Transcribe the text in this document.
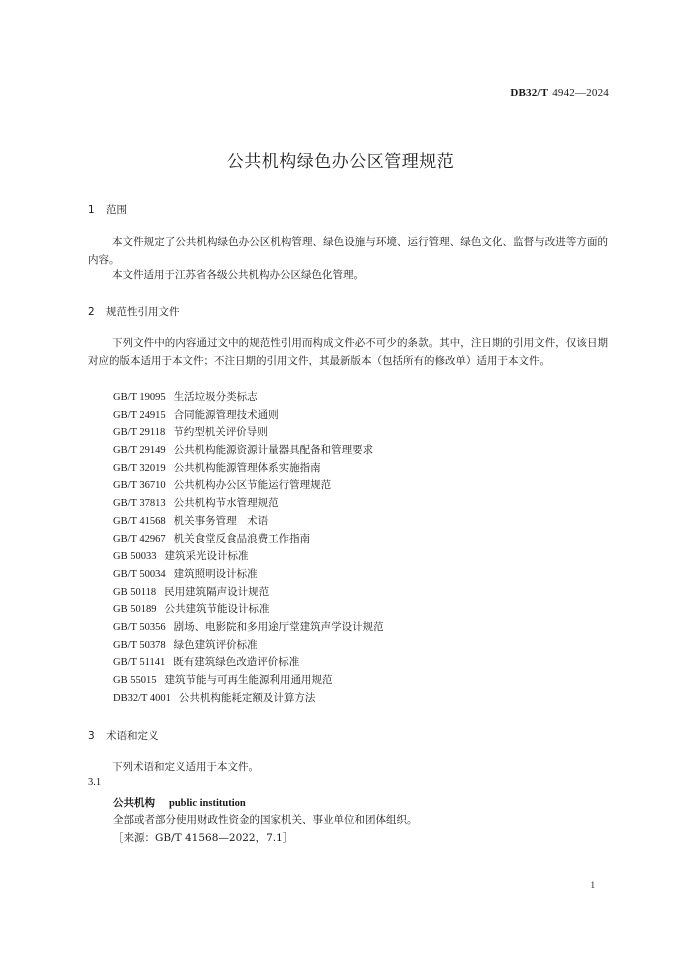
DB32/T 4942—2024
公共机构绿色办公区管理规范
1 范围
本文件规定了公共机构绿色办公区机构管理、绿色设施与环境、运行管理、绿色文化、监督与改进等方面的内容。
本文件适用于江苏省各级公共机构办公区绿色化管理。
2 规范性引用文件
下列文件中的内容通过文中的规范性引用而构成文件必不可少的条款。其中，注日期的引用文件，仅该日期对应的版本适用于本文件；不注日期的引用文件，其最新版本（包括所有的修改单）适用于本文件。
GB/T 19095 生活垃圾分类标志
GB/T 24915 合同能源管理技术通则
GB/T 29118 节约型机关评价导则
GB/T 29149 公共机构能源资源计量器具配备和管理要求
GB/T 32019 公共机构能源管理体系实施指南
GB/T 36710 公共机构办公区节能运行管理规范
GB/T 37813 公共机构节水管理规范
GB/T 41568 机关事务管理　术语
GB/T 42967 机关食堂反食品浪费工作指南
GB 50033 建筑采光设计标准
GB/T 50034 建筑照明设计标准
GB 50118 民用建筑隔声设计规范
GB 50189 公共建筑节能设计标准
GB/T 50356 剧场、电影院和多用途厅堂建筑声学设计规范
GB/T 50378 绿色建筑评价标准
GB/T 51141 既有建筑绿色改造评价标准
GB 55015 建筑节能与可再生能源利用通用规范
DB32/T 4001 公共机构能耗定额及计算方法
3 术语和定义
下列术语和定义适用于本文件。
3.1
公共机构 public institution
全部或者部分使用财政性资金的国家机关、事业单位和团体组织。
［来源：GB/T 41568—2022，7.1］
1
